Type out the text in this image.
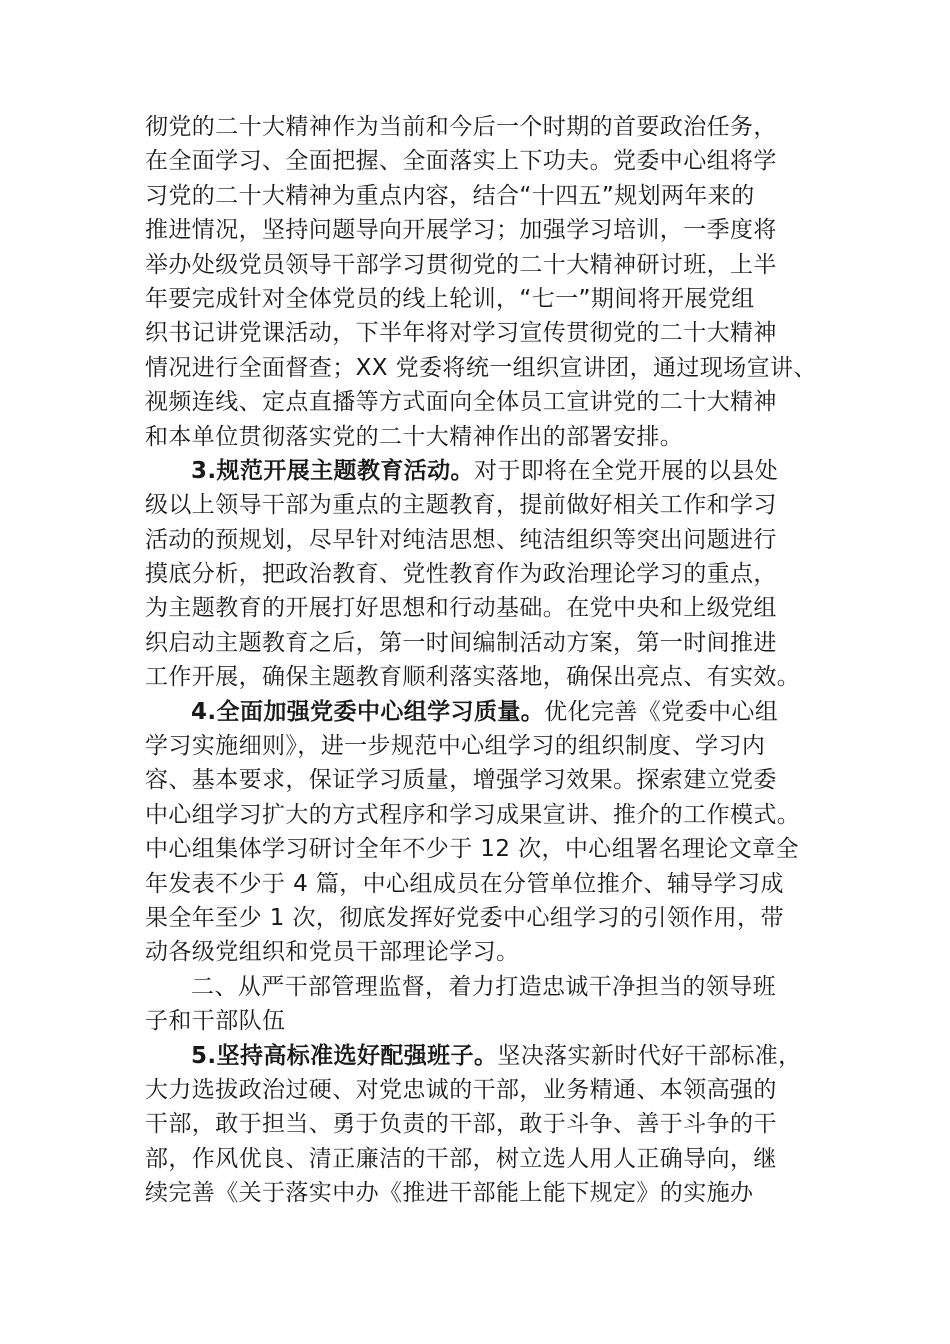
彻党的二十大精神作为当前和今后一个时期的首要政治任务，
在全面学习、全面把握、全面落实上下功夫。党委中心组将学
习党的二十大精神为重点内容，结合“十四五”规划两年来的
推进情况，坚持问题导向开展学习；加强学习培训，一季度将
举办处级党员领导干部学习贯彻党的二十大精神研讨班，上半
年要完成针对全体党员的线上轮训，“七一”期间将开展党组
织书记讲党课活动，下半年将对学习宣传贯彻党的二十大精神
情况进行全面督查；XX 党委将统一组织宣讲团，通过现场宣讲、
视频连线、定点直播等方式面向全体员工宣讲党的二十大精神
和本单位贯彻落实党的二十大精神作出的部署安排。
3.规范开展主题教育活动。对于即将在全党开展的以县处
级以上领导干部为重点的主题教育，提前做好相关工作和学习
活动的预规划，尽早针对纯洁思想、纯洁组织等突出问题进行
摸底分析，把政治教育、党性教育作为政治理论学习的重点，
为主题教育的开展打好思想和行动基础。在党中央和上级党组
织启动主题教育之后，第一时间编制活动方案，第一时间推进
工作开展，确保主题教育顺利落实落地，确保出亮点、有实效。
4.全面加强党委中心组学习质量。优化完善《党委中心组
学习实施细则》，进一步规范中心组学习的组织制度、学习内
容、基本要求，保证学习质量，增强学习效果。探索建立党委
中心组学习扩大的方式程序和学习成果宣讲、推介的工作模式。
中心组集体学习研讨全年不少于 12 次，中心组署名理论文章全
年发表不少于 4 篇，中心组成员在分管单位推介、辅导学习成
果全年至少 1 次，彻底发挥好党委中心组学习的引领作用，带
动各级党组织和党员干部理论学习。
二、从严干部管理监督，着力打造忠诚干净担当的领导班
子和干部队伍
5.坚持高标准选好配强班子。坚决落实新时代好干部标准，
大力选拔政治过硬、对党忠诚的干部，业务精通、本领高强的
干部，敢于担当、勇于负责的干部，敢于斗争、善于斗争的干
部，作风优良、清正廉洁的干部，树立选人用人正确导向，继
续完善《关于落实中办《推进干部能上能下规定》的实施办
